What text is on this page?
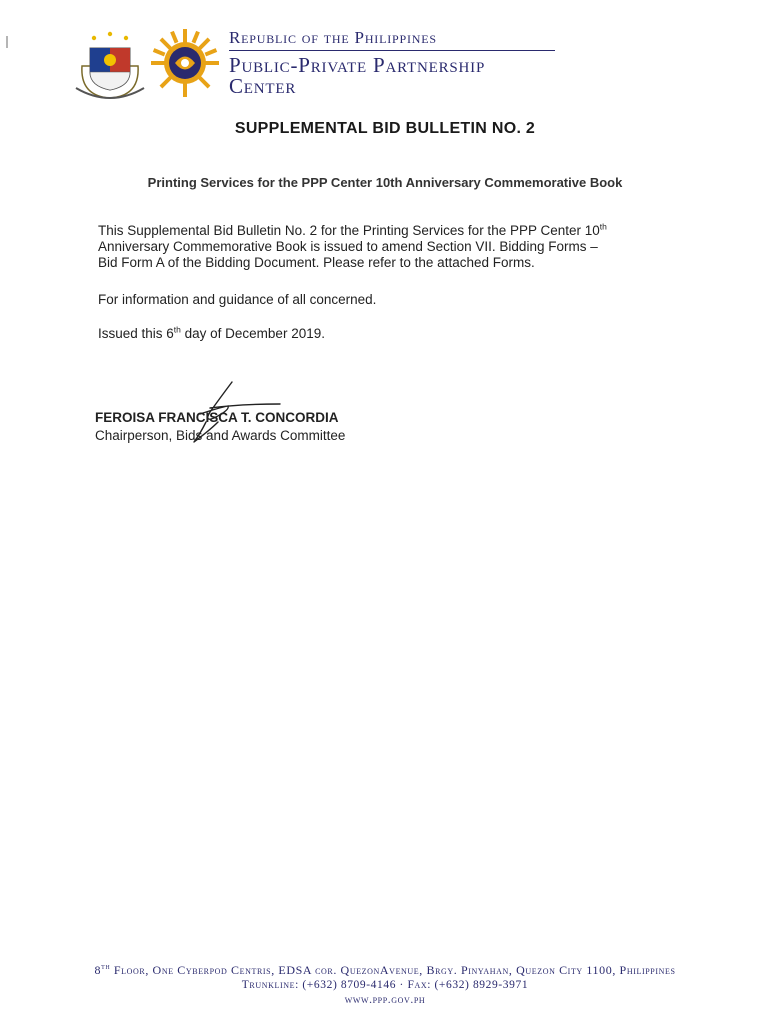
Republic of the Philippines
Public-Private Partnership
Center
SUPPLEMENTAL BID BULLETIN NO. 2
Printing Services for the PPP Center 10th Anniversary Commemorative Book
This Supplemental Bid Bulletin No. 2 for the Printing Services for the PPP Center 10th
Anniversary Commemorative Book is issued to amend Section VII. Bidding Forms –
Bid Form A of the Bidding Document. Please refer to the attached Forms.
For information and guidance of all concerned.
Issued this 6th day of December 2019.
FEROISA FRANCISCA T. CONCORDIA
Chairperson, Bids and Awards Committee
8th Floor, One Cyberpod Centris, EDSA cor. QuezonAvenue, Brgy. Pinyahan, Quezon City 1100, Philippines
Trunkline: (+632) 8709-4146 · Fax: (+632) 8929-3971
www.ppp.gov.ph
